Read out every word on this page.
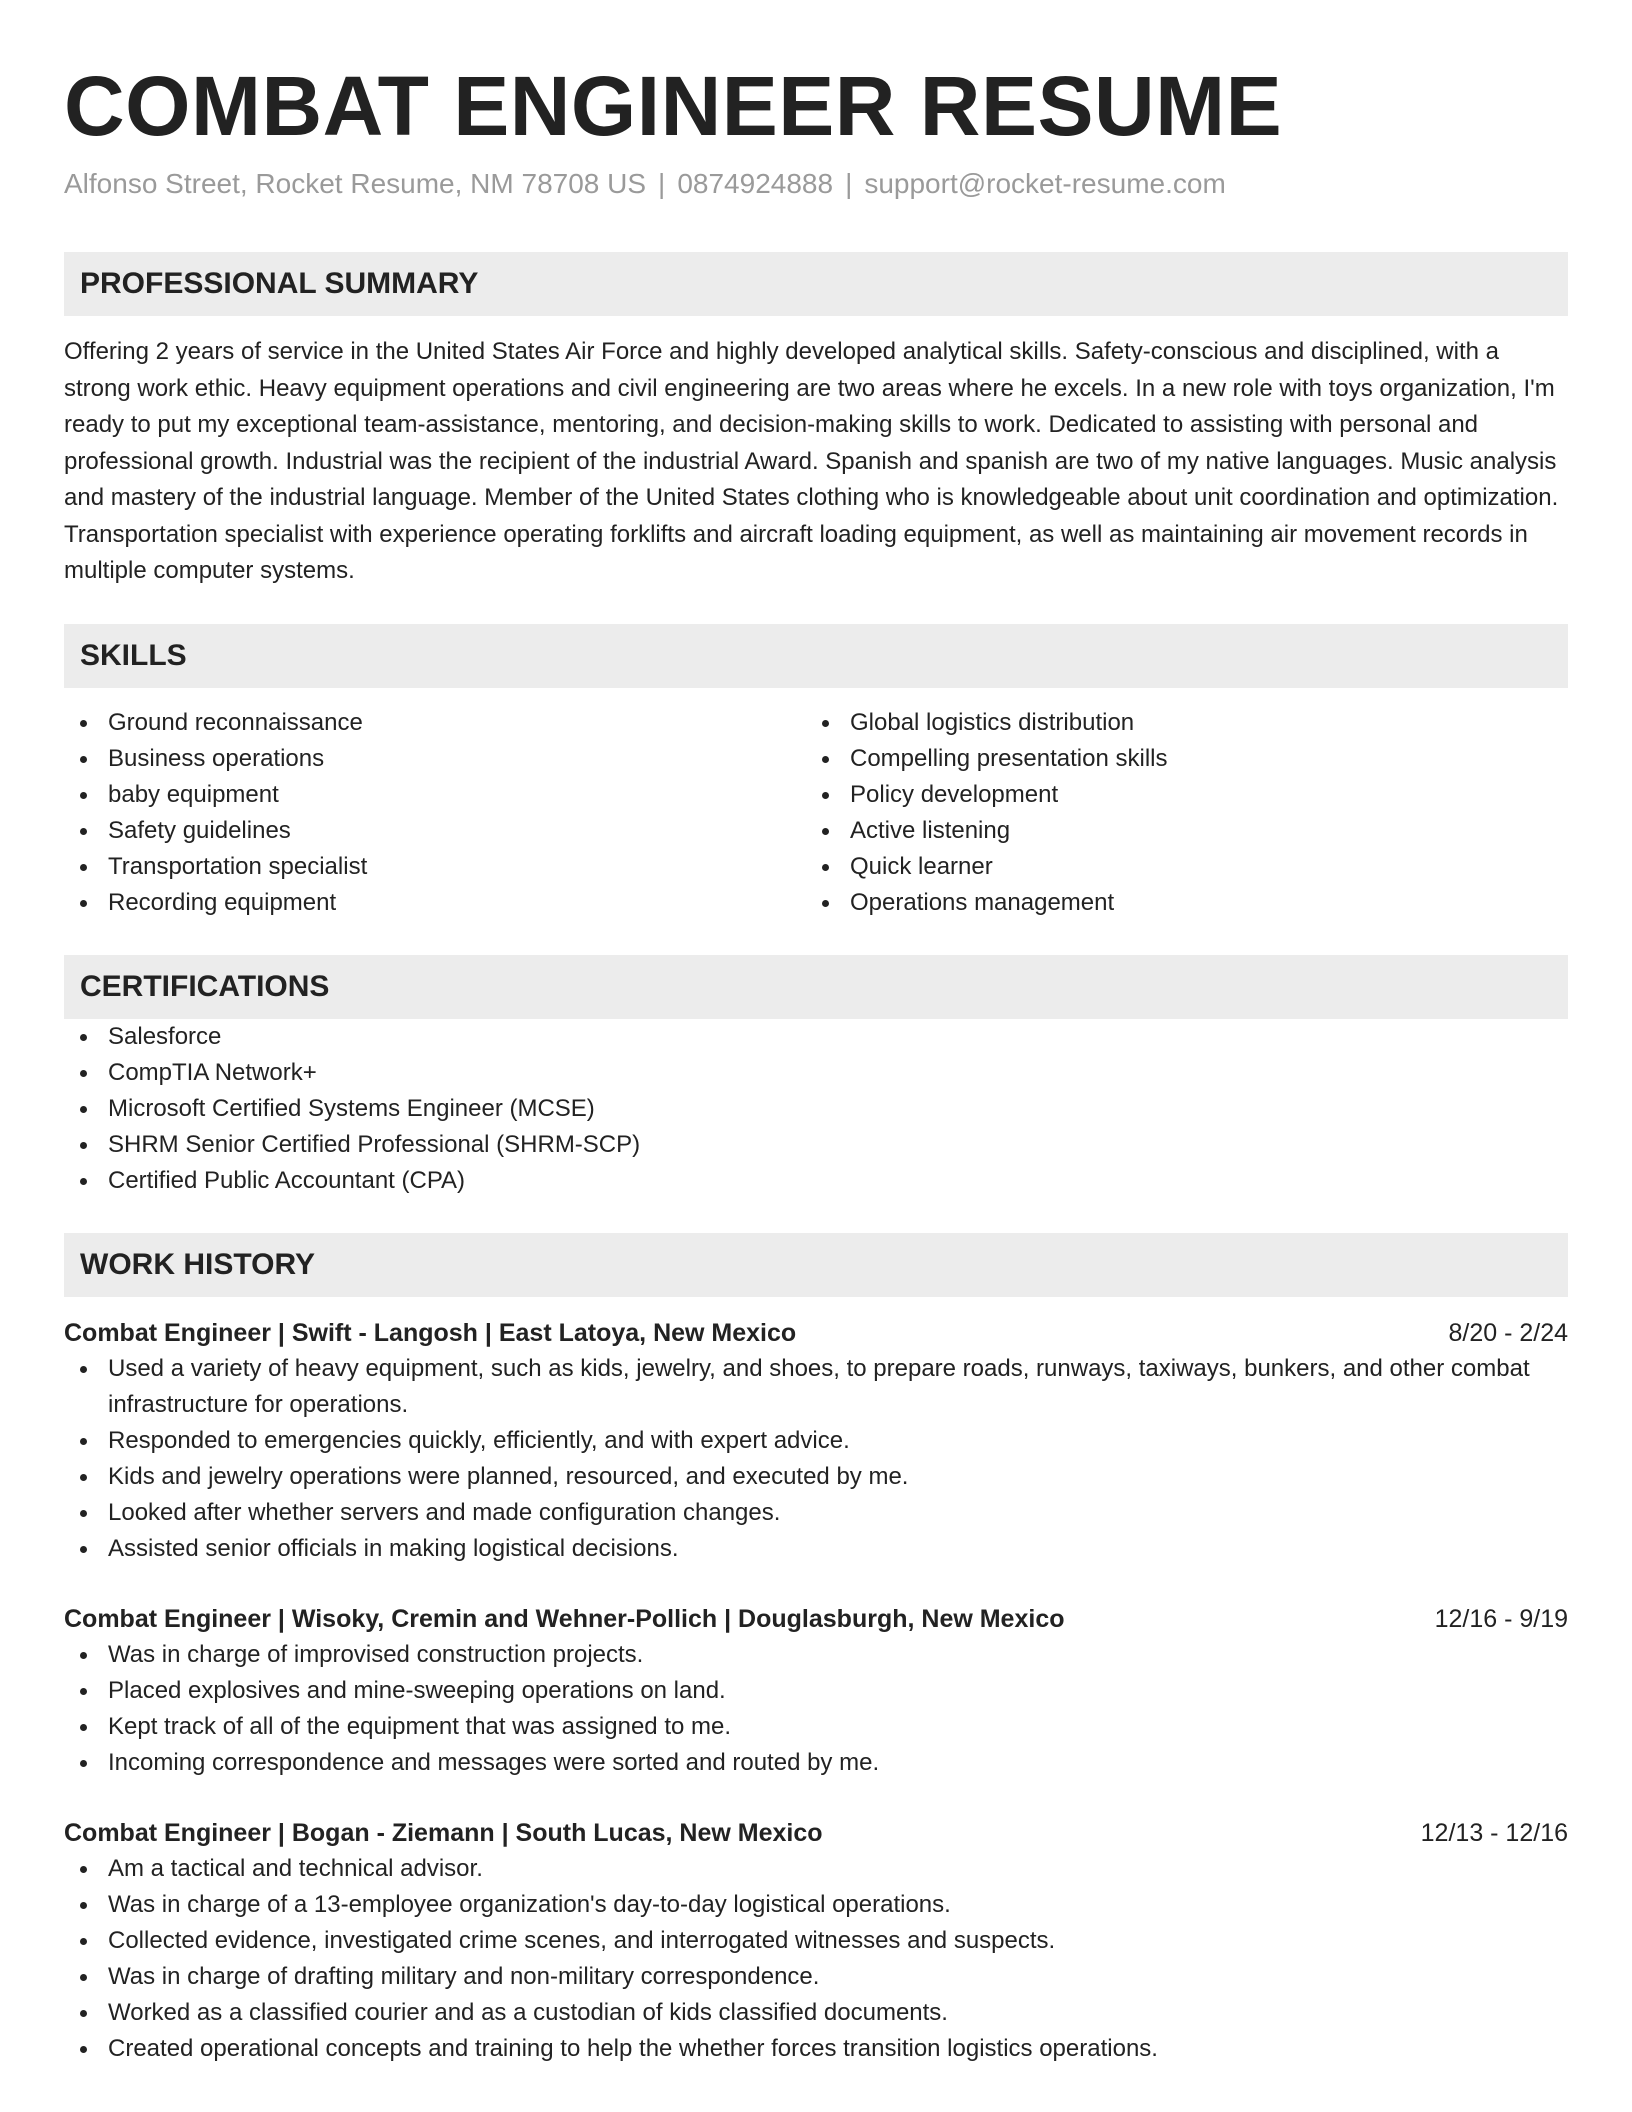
COMBAT ENGINEER RESUME
Alfonso Street, Rocket Resume, NM 78708 US | 0874924888 | support@rocket-resume.com
PROFESSIONAL SUMMARY

Offering 2 years of service in the United States Air Force and highly developed analytical skills. Safety-conscious and disciplined, with a strong work ethic. Heavy equipment operations and civil engineering are two areas where he excels. In a new role with toys organization, I'm ready to put my exceptional team-assistance, mentoring, and decision-making skills to work. Dedicated to assisting with personal and professional growth. Industrial was the recipient of the industrial Award. Spanish and spanish are two of my native languages. Music analysis and mastery of the industrial language. Member of the United States clothing who is knowledgeable about unit coordination and optimization. Transportation specialist with experience operating forklifts and aircraft loading equipment, as well as maintaining air movement records in multiple computer systems.

SKILLS
Ground reconnaissance
Business operations
baby equipment
Safety guidelines
Transportation specialist
Recording equipment
Global logistics distribution
Compelling presentation skills
Policy development
Active listening
Quick learner
Operations management
CERTIFICATIONS
Salesforce
CompTIA Network+
Microsoft Certified Systems Engineer (MCSE)
SHRM Senior Certified Professional (SHRM-SCP)
Certified Public Accountant (CPA)
WORK HISTORY
Combat Engineer | Swift - Langosh | East Latoya, New Mexico	8/20 - 2/24
Used a variety of heavy equipment, such as kids, jewelry, and shoes, to prepare roads, runways, taxiways, bunkers, and other combat infrastructure for operations.
Responded to emergencies quickly, efficiently, and with expert advice.
Kids and jewelry operations were planned, resourced, and executed by me.
Looked after whether servers and made configuration changes.
Assisted senior officials in making logistical decisions.
Combat Engineer | Wisoky, Cremin and Wehner-Pollich | Douglasburgh, New Mexico	12/16 - 9/19
Was in charge of improvised construction projects.
Placed explosives and mine-sweeping operations on land.
Kept track of all of the equipment that was assigned to me.
Incoming correspondence and messages were sorted and routed by me.
Combat Engineer | Bogan - Ziemann | South Lucas, New Mexico	12/13 - 12/16
Am a tactical and technical advisor.
Was in charge of a 13-employee organization's day-to-day logistical operations.
Collected evidence, investigated crime scenes, and interrogated witnesses and suspects.
Was in charge of drafting military and non-military correspondence.
Worked as a classified courier and as a custodian of kids classified documents.
Created operational concepts and training to help the whether forces transition logistics operations.
